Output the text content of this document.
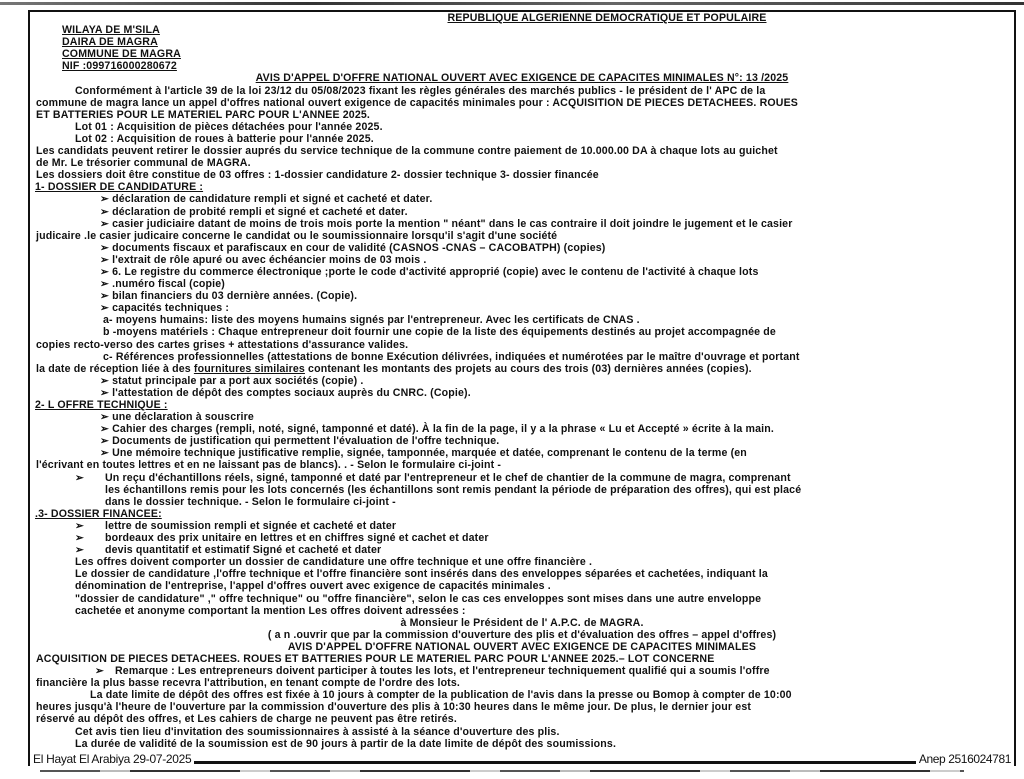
REPUBLIQUE ALGERIENNE DEMOCRATIQUE ET POPULAIRE
WILAYA DE M'SILA
DAIRA DE MAGRA
COMMUNE DE MAGRA
NIF :099716000280672
AVIS D'APPEL D'OFFRE NATIONAL OUVERT AVEC EXIGENCE DE CAPACITES MINIMALES N°: 13 /2025
Conformément à l'article 39 de la loi 23/12 du 05/08/2023 fixant les règles générales des marchés publics - le président de l' APC de la
commune de magra lance un appel d'offres national ouvert exigence de capacités minimales pour : ACQUISITION DE PIECES DETACHEES. ROUES
ET BATTERIES POUR LE MATERIEL PARC POUR L'ANNEE 2025.
Lot 01 : Acquisition de pièces détachées pour l'année 2025.
Lot 02 : Acquisition de roues à batterie pour l'année 2025.
Les candidats peuvent retirer le dossier auprés du service technique de la commune contre paiement de 10.000.00 DA à chaque lots au guichet
de Mr. Le trésorier communal de MAGRA.
Les dossiers doit être constitue de 03 offres : 1-dossier candidature 2- dossier technique 3- dossier financée
1- DOSSIER DE CANDIDATURE :
➢ déclaration de candidature rempli et signé et cacheté et dater.
➢ déclaration de probité rempli et signé et cacheté et dater.
➢ casier judiciaire datant de moins de trois mois porte la mention " néant" dans le cas contraire il doit joindre le jugement et le casier
judicaire .le casier judicaire concerne le candidat ou le soumissionnaire lorsqu'il s'agit d'une société
➢ documents fiscaux et parafiscaux en cour de validité (CASNOS -CNAS – CACOBATPH) (copies)
➢ l'extrait de rôle apuré ou avec échéancier moins de 03 mois .
➢ 6. Le registre du commerce électronique ;porte le code d'activité approprié (copie) avec le contenu de l'activité à chaque lots
➢ .numéro fiscal (copie)
➢ bilan financiers du 03 dernière années. (Copie).
➢ capacités techniques :
a- moyens humains: liste des moyens humains signés par l'entrepreneur. Avec les certificats de CNAS .
b -moyens matériels : Chaque entrepreneur doit fournir une copie de la liste des équipements destinés au projet accompagnée de
copies recto-verso des cartes grises + attestations d'assurance valides.
c- Références professionnelles (attestations de bonne Exécution délivrées, indiquées et numérotées par le maître d'ouvrage et portant
la date de réception liée à des fournitures similaires contenant les montants des projets au cours des trois (03) dernières années (copies).
➢ statut principale par a port aux sociétés (copie) .
➢ l'attestation de dépôt des comptes sociaux auprès du CNRC. (Copie).
2- L OFFRE TECHNIQUE :
➢ une déclaration à souscrire
➢ Cahier des charges (rempli, noté, signé, tamponné et daté). À la fin de la page, il y a la phrase « Lu et Accepté » écrite à la main.
➢ Documents de justification qui permettent l'évaluation de l'offre technique.
➢ Une mémoire technique justificative remplie, signée, tamponnée, marquée et datée, comprenant le contenu de la terme (en
l'écrivant en toutes lettres et en ne laissant pas de blancs). . - Selon le formulaire ci-joint -
➢ Un reçu d'échantillons réels, signé, tamponné et daté par l'entrepreneur et le chef de chantier de la commune de magra, comprenant
les échantillons remis pour les lots concernés (les échantillons sont remis pendant la période de préparation des offres), qui est placé
dans le dossier technique. - Selon le formulaire ci-joint -
.3- DOSSIER FINANCEE:
➢ lettre de soumission rempli et signée et cacheté et dater
➢ bordeaux des prix unitaire en lettres et en chiffres signé et cachet et dater
➢ devis quantitatif et estimatif Signé et cacheté et dater
Les offres doivent comporter un dossier de candidature une offre technique et une offre financière .
Le dossier de candidature ,l'offre technique et l'offre financière sont insérés dans des enveloppes séparées et cachetées, indiquant la
dénomination de l'entreprise, l'appel d'offres ouvert avec exigence de capacités minimales .
"dossier de candidature" ," offre technique" ou "offre financière", selon le cas ces enveloppes sont mises dans une autre enveloppe
cachetée et anonyme comportant la mention Les offres doivent adressées :
à Monsieur le Président de l' A.P.C. de MAGRA.
( a n .ouvrir que par la commission d'ouverture des plis et d'évaluation des offres – appel d'offres)
AVIS D'APPEL D'OFFRE NATIONAL OUVERT AVEC EXIGENCE DE CAPACITES MINIMALES
ACQUISITION DE PIECES DETACHEES. ROUES ET BATTERIES POUR LE MATERIEL PARC POUR L'ANNEE 2025.– LOT CONCERNE
➢ Remarque : Les entrepreneurs doivent participer à toutes les lots, et l'entrepreneur techniquement qualifié qui a soumis l'offre
financière la plus basse recevra l'attribution, en tenant compte de l'ordre des lots.
La date limite de dépôt des offres est fixée à 10 jours à compter de la publication de l'avis dans la presse ou Bomop à compter de 10:00
heures jusqu'à l'heure de l'ouverture par la commission d'ouverture des plis à 10:30 heures dans le même jour. De plus, le dernier jour est
réservé au dépôt des offres, et Les cahiers de charge ne peuvent pas être retirés.
Cet avis tien lieu d'invitation des soumissionnaires à assisté à la séance d'ouverture des plis.
La durée de validité de la soumission est de 90 jours à partir de la date limite de dépôt des soumissions.
El Hayat El Arabiya 29-07-2025	Anep 2516024781
